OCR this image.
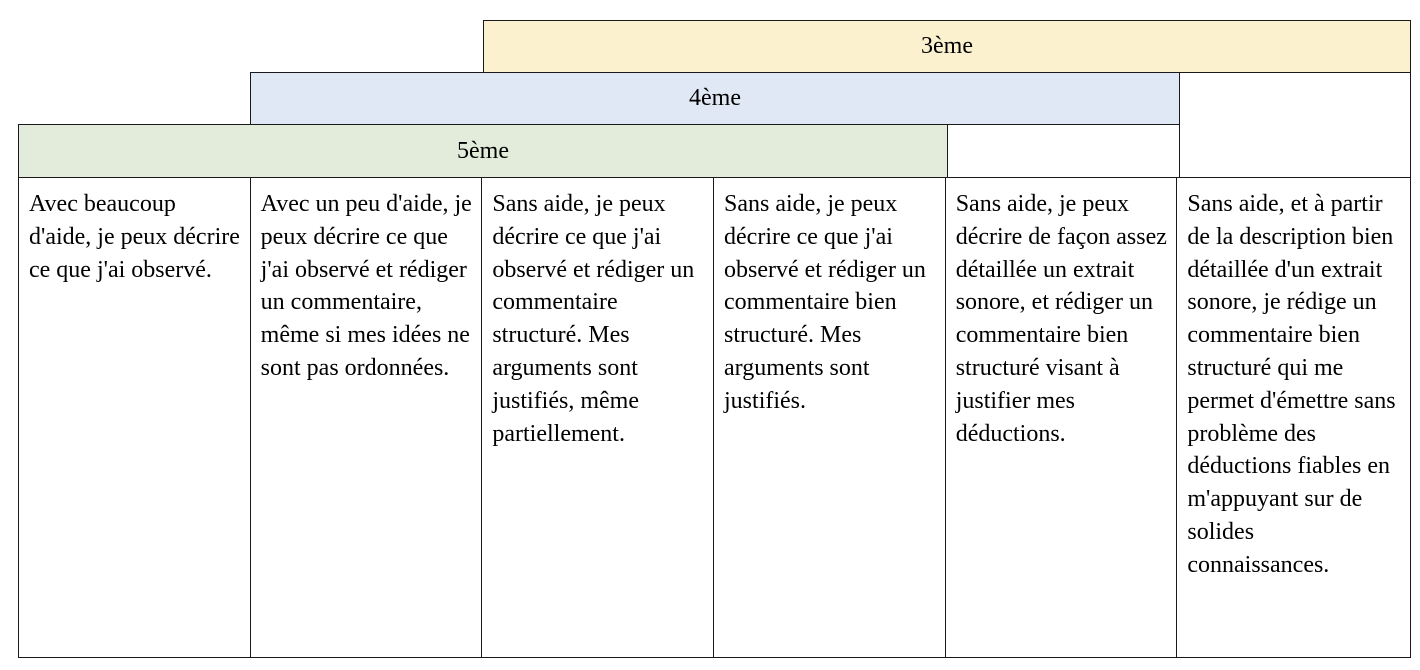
3ème
4ème
5ème
Avec beaucoup d'aide, je peux décrire ce que j'ai observé.
Avec un peu d'aide, je peux décrire ce que j'ai observé et rédiger un commentaire, même si mes idées ne sont pas ordonnées.
Sans aide, je peux décrire ce que j'ai observé et rédiger un commentaire structuré. Mes arguments sont justifiés, même partiellement.
Sans aide, je peux décrire ce que j'ai observé et rédiger un commentaire bien structuré. Mes arguments sont justifiés.
Sans aide, je peux décrire de façon assez détaillée un extrait sonore, et rédiger un commentaire bien structuré visant à justifier mes déductions.
Sans aide, et à partir de la description bien détaillée d'un extrait sonore, je rédige un commentaire bien structuré qui me permet d'émettre sans problème des déductions fiables en m'appuyant sur de solides connaissances.
